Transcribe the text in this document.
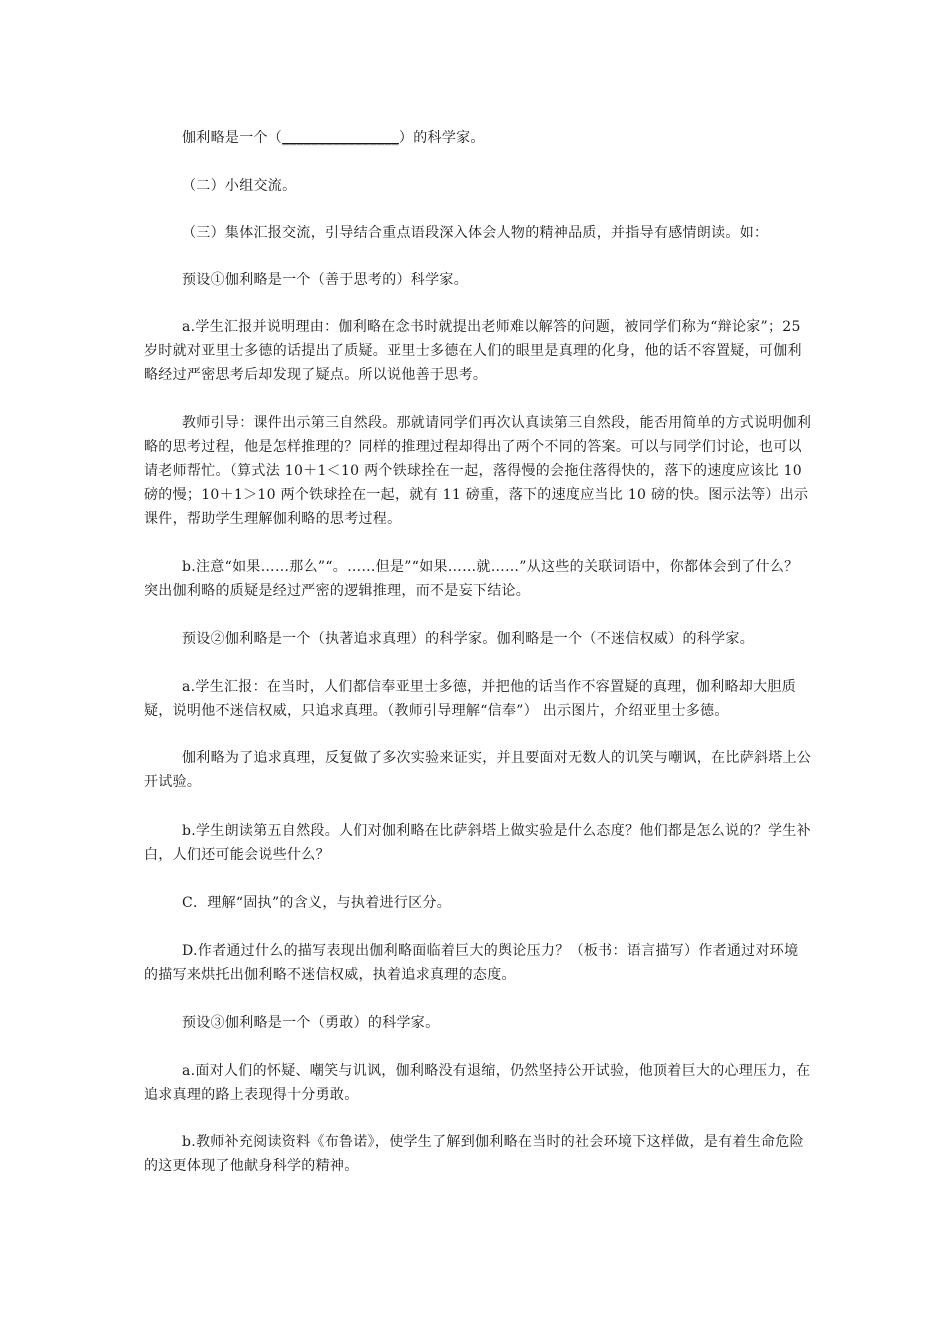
伽利略是一个（________________）的科学家。

（二）小组交流。

（三）集体汇报交流，引导结合重点语段深入体会人物的精神品质，并指导有感情朗读。如：

预设①伽利略是一个（善于思考的）科学家。

a.学生汇报并说明理由：伽利略在念书时就提出老师难以解答的问题，被同学们称为“辩论家”；25岁时就对亚里士多德的话提出了质疑。亚里士多德在人们的眼里是真理的化身，他的话不容置疑，可伽利略经过严密思考后却发现了疑点。所以说他善于思考。

教师引导：课件出示第三自然段。那就请同学们再次认真读第三自然段，能否用简单的方式说明伽利略的思考过程，他是怎样推理的？同样的推理过程却得出了两个不同的答案。可以与同学们讨论，也可以请老师帮忙。（算式法 10＋1＜10 两个铁球拴在一起，落得慢的会拖住落得快的，落下的速度应该比 10 磅的慢；10＋1＞10 两个铁球拴在一起，就有 11 磅重，落下的速度应当比 10 磅的快。图示法等）出示课件，帮助学生理解伽利略的思考过程。

b.注意“如果……那么”“。……但是”“如果……就……”从这些的关联词语中，你都体会到了什么？突出伽利略的质疑是经过严密的逻辑推理，而不是妄下结论。

预设②伽利略是一个（执著追求真理）的科学家。伽利略是一个（不迷信权威）的科学家。

a.学生汇报：在当时，人们都信奉亚里士多德，并把他的话当作不容置疑的真理，伽利略却大胆质疑，说明他不迷信权威，只追求真理。（教师引导理解“信奉”） 出示图片，介绍亚里士多德。

伽利略为了追求真理，反复做了多次实验来证实，并且要面对无数人的讥笑与嘲讽，在比萨斜塔上公开试验。

b.学生朗读第五自然段。人们对伽利略在比萨斜塔上做实验是什么态度？他们都是怎么说的？学生补白，人们还可能会说些什么？

C．理解“固执”的含义，与执着进行区分。

D.作者通过什么的描写表现出伽利略面临着巨大的舆论压力？（板书：语言描写）作者通过对环境的描写来烘托出伽利略不迷信权威，执着追求真理的态度。

预设③伽利略是一个（勇敢）的科学家。

a.面对人们的怀疑、嘲笑与讥讽，伽利略没有退缩，仍然坚持公开试验，他顶着巨大的心理压力，在追求真理的路上表现得十分勇敢。

b.教师补充阅读资料《布鲁诺》，使学生了解到伽利略在当时的社会环境下这样做，是有着生命危险的这更体现了他献身科学的精神。
